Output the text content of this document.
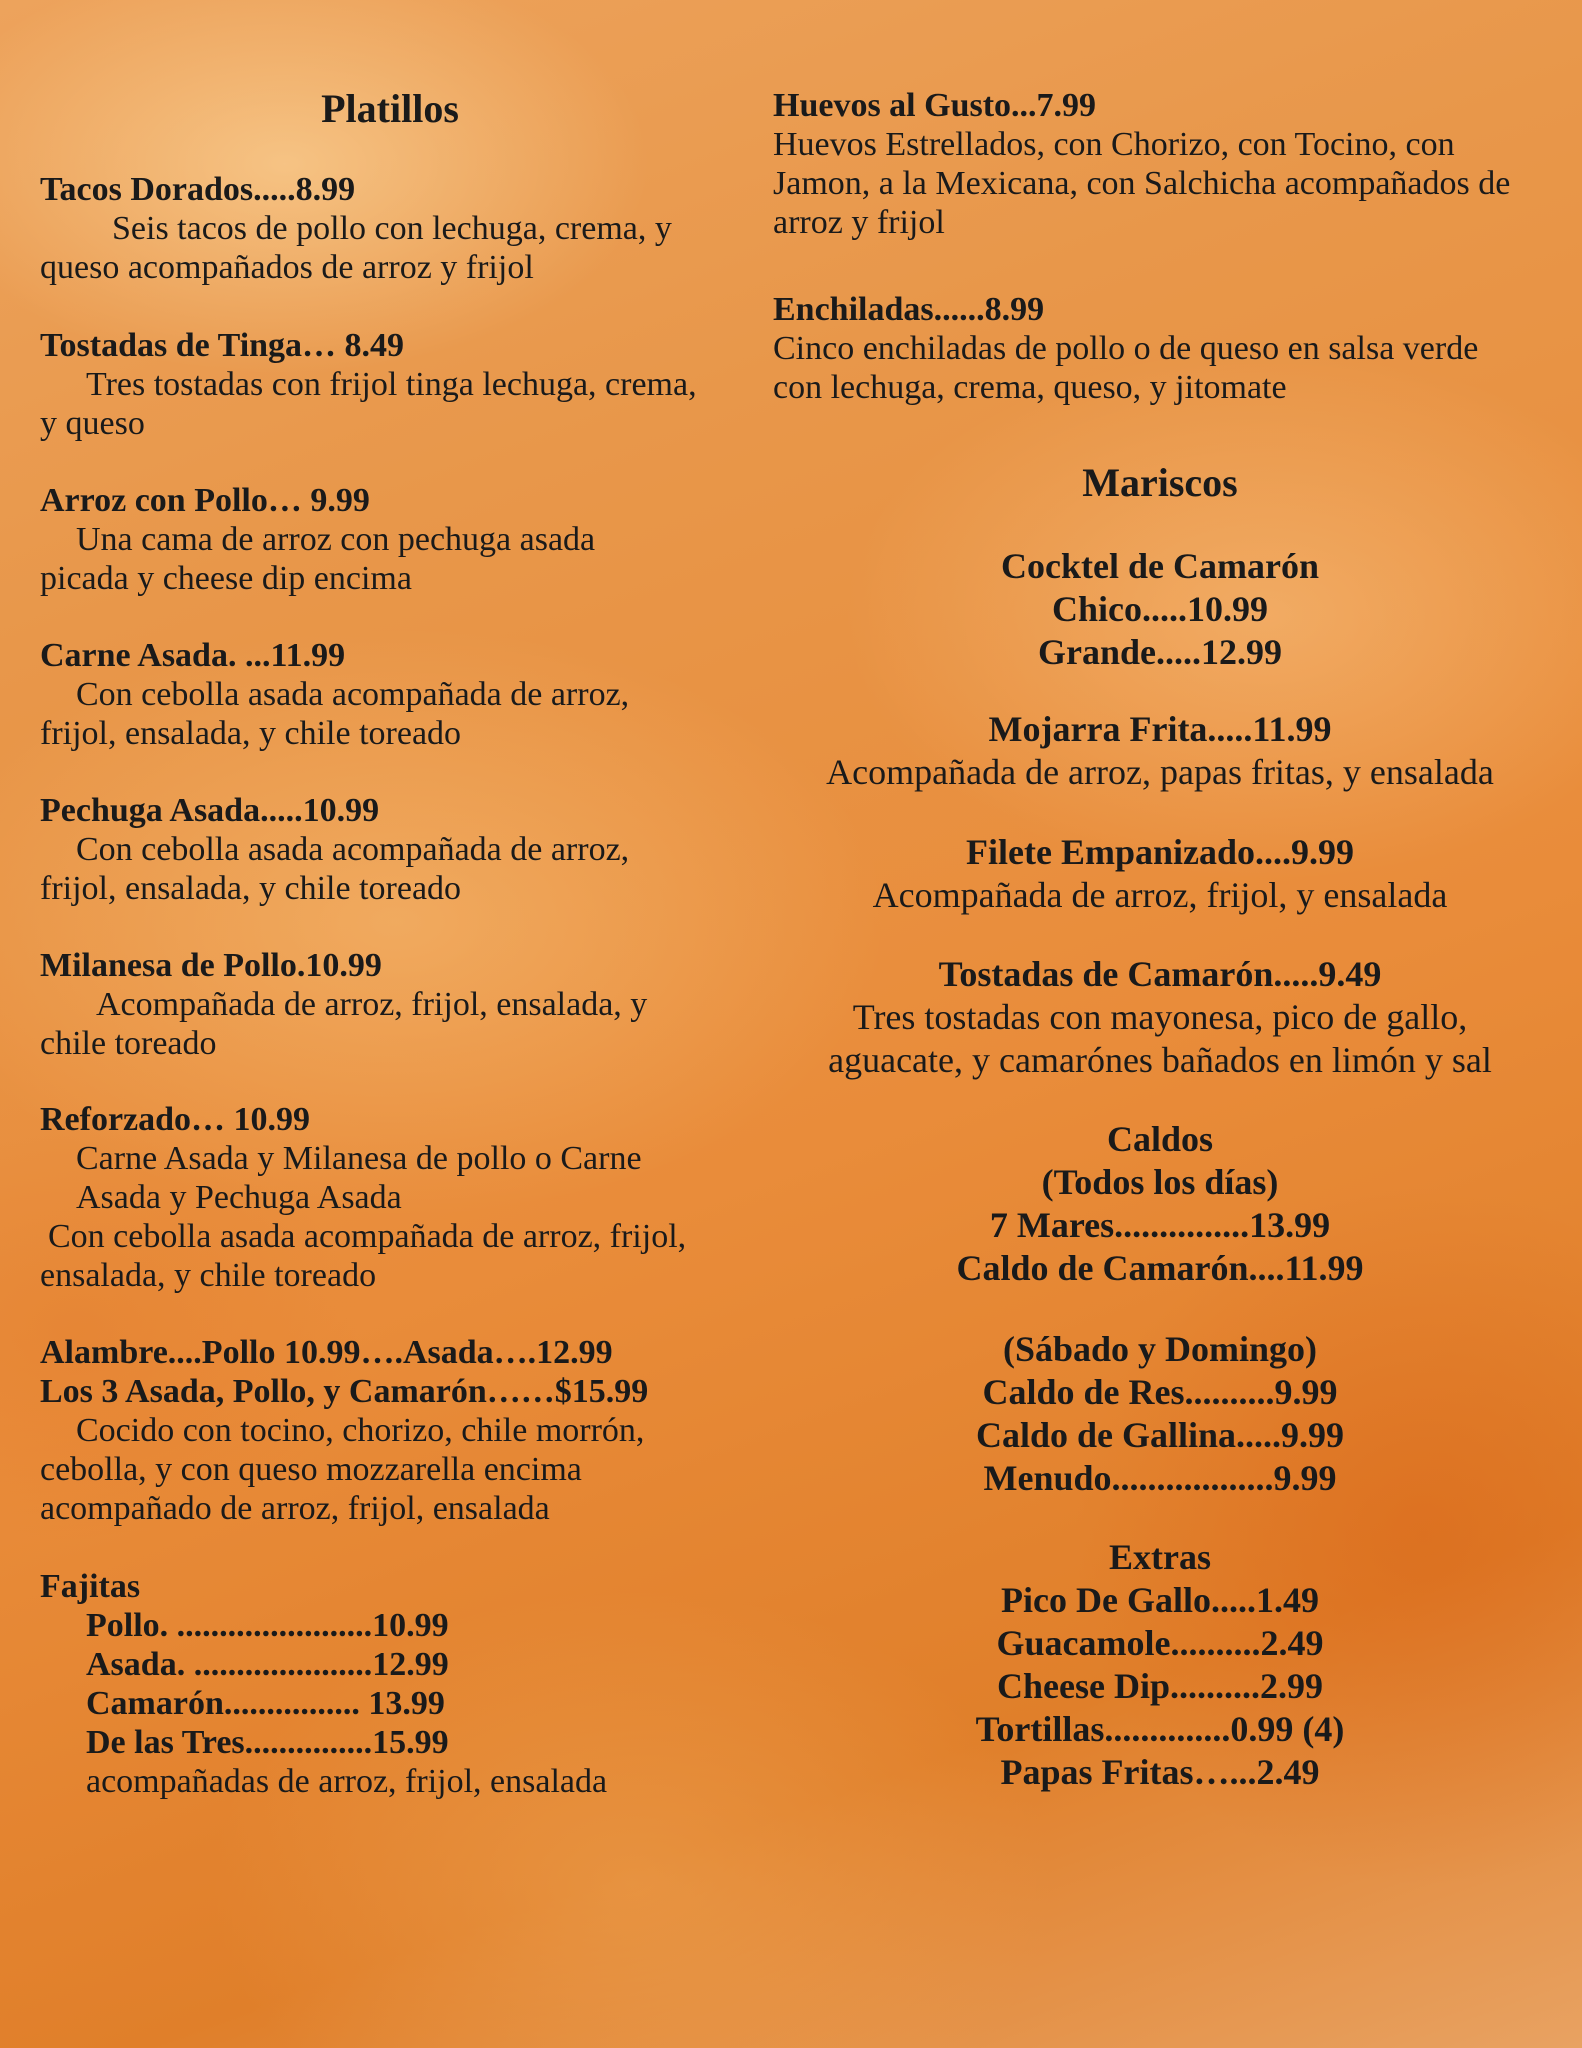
Platillos
Tacos Dorados.....8.99
Seis tacos de pollo con lechuga, crema, y
queso acompañados de arroz y frijol
Tostadas de Tinga… 8.49
Tres tostadas con frijol tinga lechuga, crema,
y queso
Arroz con Pollo… 9.99
Una cama de arroz con pechuga asada
picada y cheese dip encima
Carne Asada. ...11.99
Con cebolla asada acompañada de arroz,
frijol, ensalada, y chile toreado
Pechuga Asada.....10.99
Con cebolla asada acompañada de arroz,
frijol, ensalada, y chile toreado
Milanesa de Pollo.10.99
Acompañada de arroz, frijol, ensalada, y
chile toreado
Reforzado… 10.99
Carne Asada y Milanesa de pollo o Carne
Asada y Pechuga Asada
Con cebolla asada acompañada de arroz, frijol,
ensalada, y chile toreado
Alambre....Pollo 10.99….Asada….12.99
Los 3 Asada, Pollo, y Camarón……$15.99
Cocido con tocino, chorizo, chile morrón,
cebolla, y con queso mozzarella encima
acompañado de arroz, frijol, ensalada
Fajitas
Pollo. .......................10.99
Asada. .....................12.99
Camarón................ 13.99
De las Tres...............15.99
acompañadas de arroz, frijol, ensalada
Huevos al Gusto...7.99
Huevos Estrellados, con Chorizo, con Tocino, con
Jamon, a la Mexicana, con Salchicha acompañados de
arroz y frijol
Enchiladas......8.99
Cinco enchiladas de pollo o de queso en salsa verde
con lechuga, crema, queso, y jitomate
Mariscos
Cocktel de Camarón
Chico.....10.99
Grande.....12.99
Mojarra Frita.....11.99
Acompañada de arroz, papas fritas, y ensalada
Filete Empanizado....9.99
Acompañada de arroz, frijol, y ensalada
Tostadas de Camarón.....9.49
Tres tostadas con mayonesa, pico de gallo,
aguacate, y camarónes bañados en limón y sal
Caldos
(Todos los días)
7 Mares...............13.99
Caldo de Camarón....11.99
(Sábado y Domingo)
Caldo de Res..........9.99
Caldo de Gallina.....9.99
Menudo..................9.99
Extras
Pico De Gallo.....1.49
Guacamole..........2.49
Cheese Dip..........2.99
Tortillas..............0.99 (4)
Papas Fritas…...2.49
